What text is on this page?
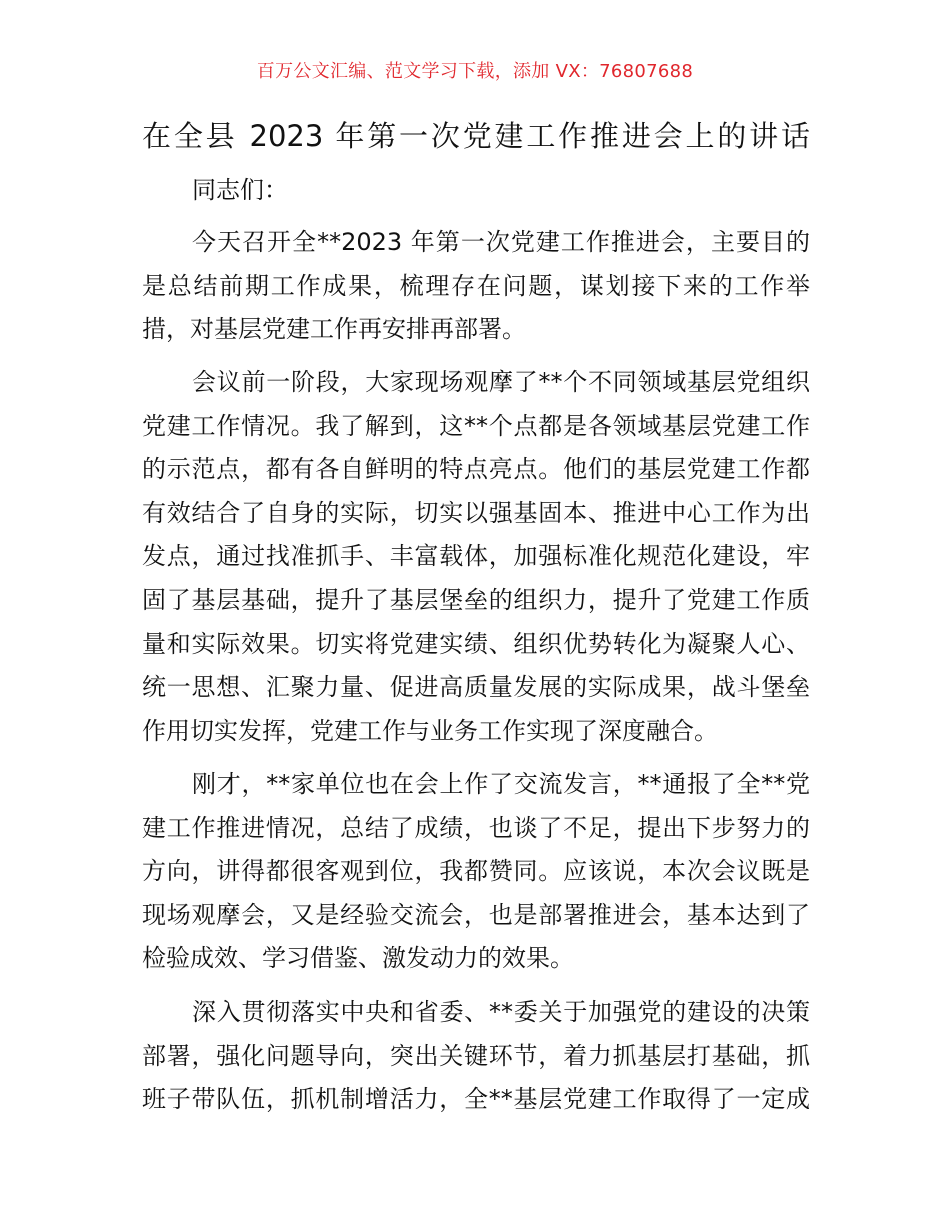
百万公文汇编、范文学习下载，添加 VX：76807688
在全县 2023 年第一次党建工作推进会上的讲话
同志们：
今天召开全**2023 年第一次党建工作推进会，主要目的
是总结前期工作成果，梳理存在问题，谋划接下来的工作举
措，对基层党建工作再安排再部署。
会议前一阶段，大家现场观摩了**个不同领域基层党组织
党建工作情况。我了解到，这**个点都是各领域基层党建工作
的示范点，都有各自鲜明的特点亮点。他们的基层党建工作都
有效结合了自身的实际，切实以强基固本、推进中心工作为出
发点，通过找准抓手、丰富载体，加强标准化规范化建设，牢
固了基层基础，提升了基层堡垒的组织力，提升了党建工作质
量和实际效果。切实将党建实绩、组织优势转化为凝聚人心、
统一思想、汇聚力量、促进高质量发展的实际成果，战斗堡垒
作用切实发挥，党建工作与业务工作实现了深度融合。
刚才，**家单位也在会上作了交流发言，**通报了全**党
建工作推进情况，总结了成绩，也谈了不足，提出下步努力的
方向，讲得都很客观到位，我都赞同。应该说，本次会议既是
现场观摩会，又是经验交流会，也是部署推进会，基本达到了
检验成效、学习借鉴、激发动力的效果。
深入贯彻落实中央和省委、**委关于加强党的建设的决策
部署，强化问题导向，突出关键环节，着力抓基层打基础，抓
班子带队伍，抓机制增活力，全**基层党建工作取得了一定成
